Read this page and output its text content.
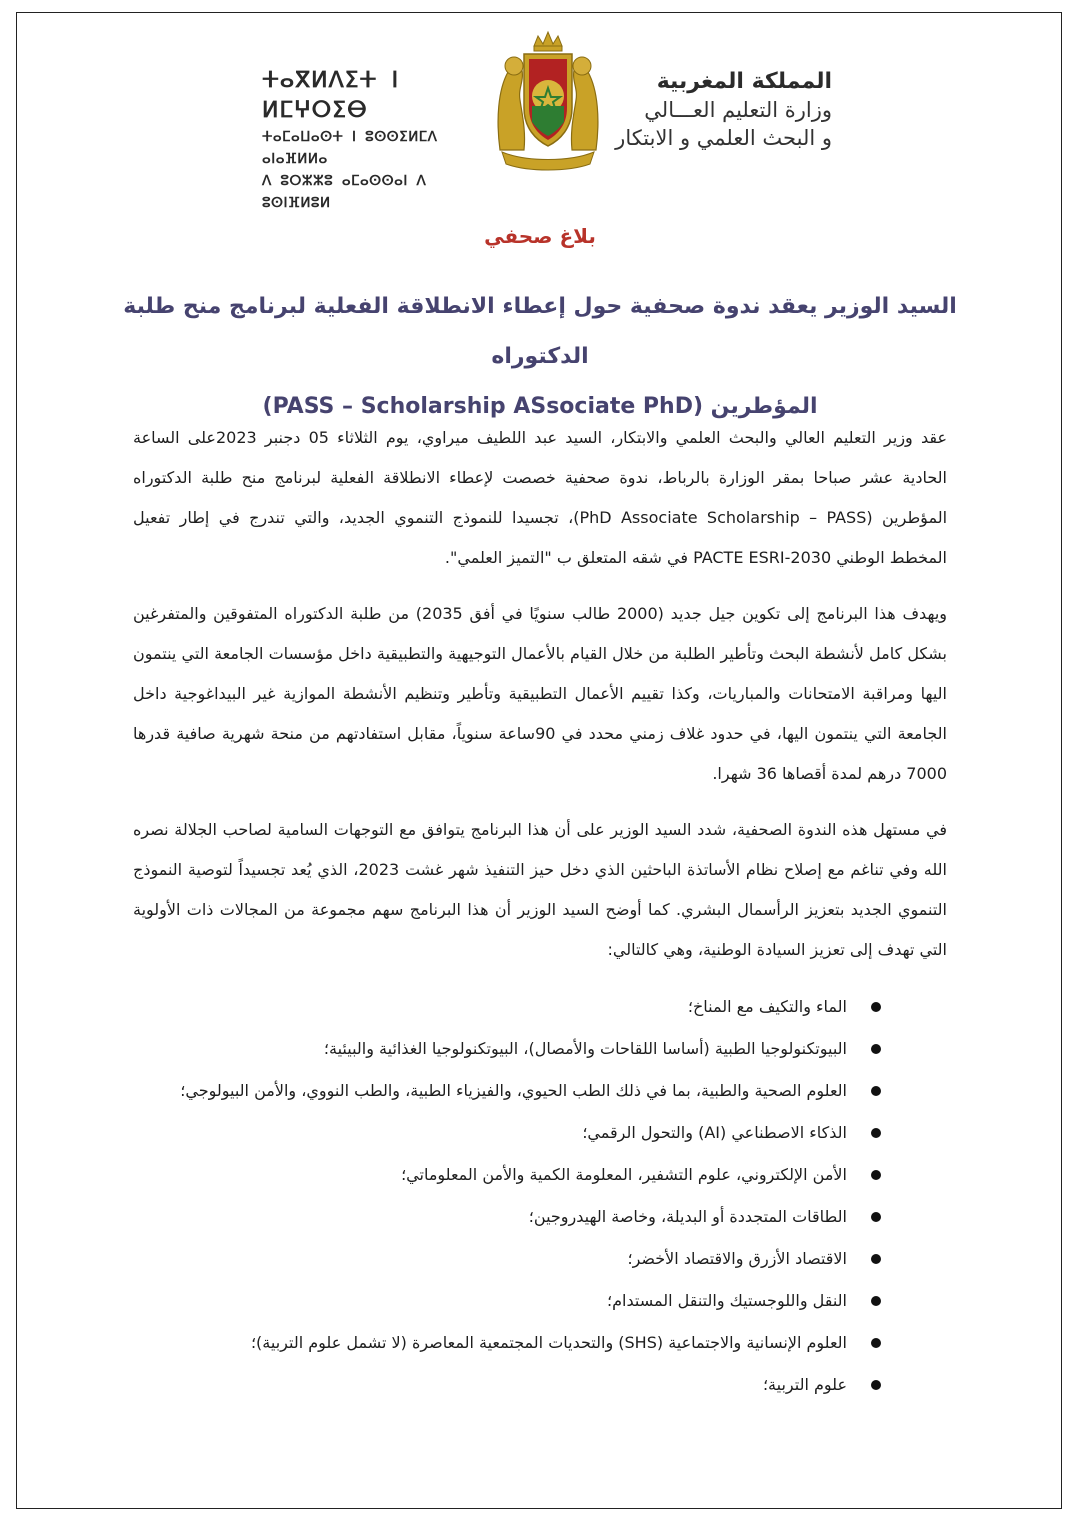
ⵜⴰⴳⵍⴷⵉⵜ ⵏ ⵍⵎⵖⵔⵉⴱ
ⵜⴰⵎⴰⵡⴰⵙⵜ ⵏ ⵓⵙⵙⵉⵍⵎⴷ ⴰⵏⴰⴼⵍⵍⴰ
ⴷ ⵓⵔⵣⵣⵓ ⴰⵎⴰⵙⵙⴰⵏ ⴷ ⵓⵙⵏⴼⵍⵓⵍ
المملكة المغربية
وزارة التعليم العـــالي
و البحث العلمي و الابتكار
بلاغ صحفي
السيد الوزير يعقد ندوة صحفية حول إعطاء الانطلاقة الفعلية لبرنامج منح طلبة الدكتوراه
المؤطرين (PASS – Scholarship ASsociate PhD)

عقد وزير التعليم العالي والبحث العلمي والابتكار، السيد عبد اللطيف ميراوي، يوم الثلاثاء 05 دجنبر 2023على الساعة الحادية عشر صباحا بمقر الوزارة بالرباط، ندوة صحفية خصصت لإعطاء الانطلاقة الفعلية لبرنامج منح طلبة الدكتوراه المؤطرين (PhD Associate Scholarship – PASS)، تجسيدا للنموذج التنموي الجديد، والتي تندرج في إطار تفعيل المخطط الوطني PACTE ESRI-2030 في شقه المتعلق ب "التميز العلمي".

ويهدف هذا البرنامج إلى تكوين جيل جديد (2000 طالب سنويًا في أفق 2035) من طلبة الدكتوراه المتفوقين والمتفرغين بشكل كامل لأنشطة البحث وتأطير الطلبة من خلال القيام بالأعمال التوجيهية والتطبيقية داخل مؤسسات الجامعة التي ينتمون اليها ومراقبة الامتحانات والمباريات، وكذا تقييم الأعمال التطبيقية وتأطير وتنظيم الأنشطة الموازية غير البيداغوجية داخل الجامعة التي ينتمون اليها، في حدود غلاف زمني محدد في 90ساعة سنوياً، مقابل استفادتهم من منحة شهرية صافية قدرها 7000 درهم لمدة أقصاها 36 شهرا.

في مستهل هذه الندوة الصحفية، شدد السيد الوزير على أن هذا البرنامج يتوافق مع التوجهات السامية لصاحب الجلالة نصره الله وفي تناغم مع إصلاح نظام الأساتذة الباحثين الذي دخل حيز التنفيذ شهر غشت 2023، الذي يُعد تجسيداً لتوصية النموذج التنموي الجديد بتعزيز الرأسمال البشري. كما أوضح السيد الوزير أن هذا البرنامج سهم مجموعة من المجالات ذات الأولوية التي تهدف إلى تعزيز السيادة الوطنية، وهي كالتالي:

الماء والتكيف مع المناخ؛
البيوتكنولوجيا الطبية (أساسا اللقاحات والأمصال)، البيوتكنولوجيا الغذائية والبيئية؛
العلوم الصحية والطبية، بما في ذلك الطب الحيوي، والفيزياء الطبية، والطب النووي، والأمن البيولوجي؛
الذكاء الاصطناعي (AI) والتحول الرقمي؛
الأمن الإلكتروني، علوم التشفير، المعلومة الكمية والأمن المعلوماتي؛
الطاقات المتجددة أو البديلة، وخاصة الهيدروجين؛
الاقتصاد الأزرق والاقتصاد الأخضر؛
النقل واللوجستيك والتنقل المستدام؛
العلوم الإنسانية والاجتماعية (SHS) والتحديات المجتمعية المعاصرة (لا تشمل علوم التربية)؛
علوم التربية؛
